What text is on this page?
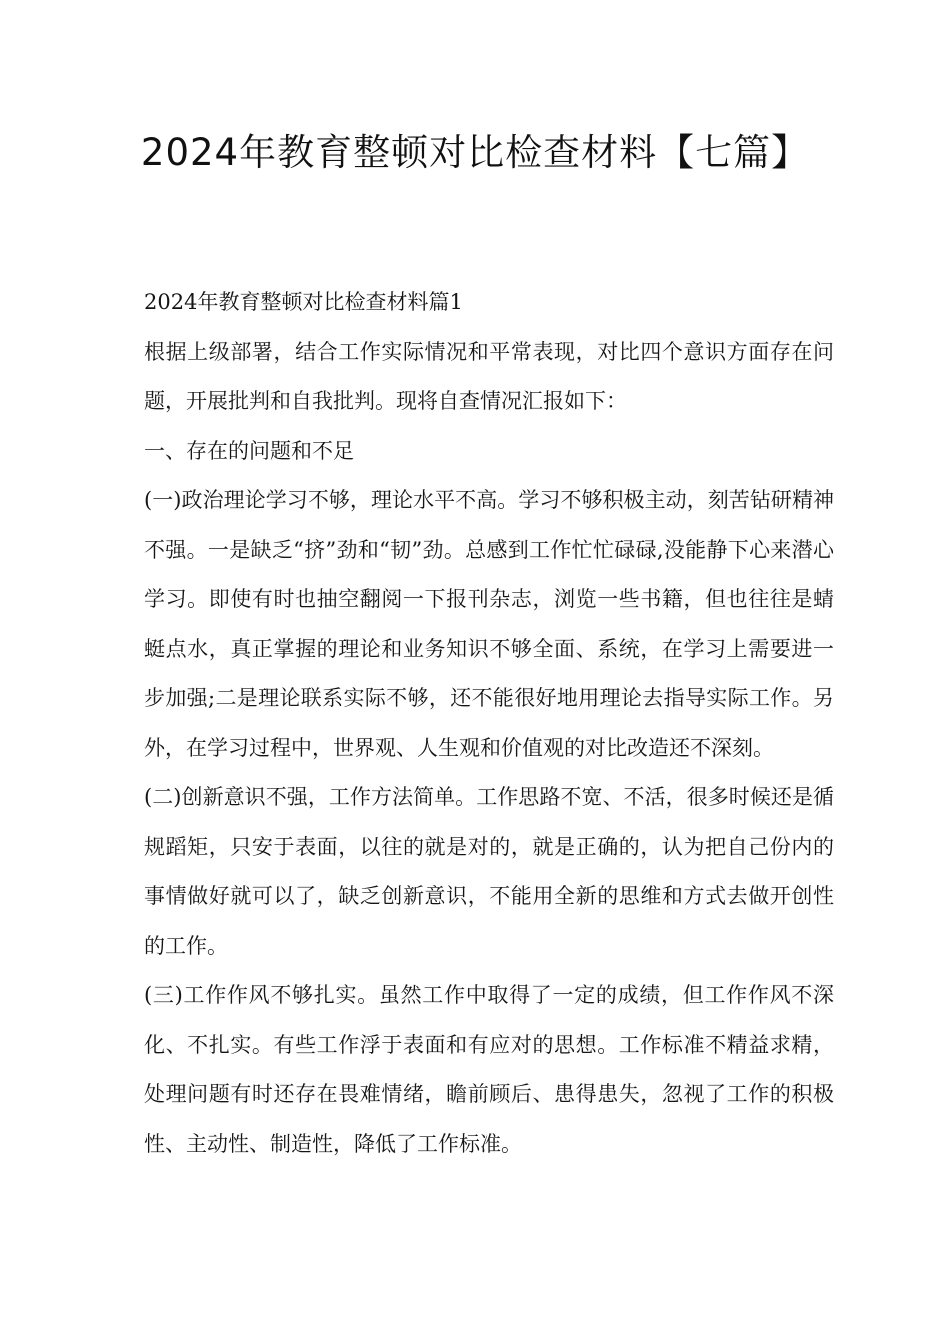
2024年教育整顿对比检查材料【七篇】

2024年教育整顿对比检查材料篇1

根据上级部署，结合工作实际情况和平常表现，对比四个意识方面存在问题，开展批判和自我批判。现将自查情况汇报如下：

一、存在的问题和不足

(一)政治理论学习不够，理论水平不高。学习不够积极主动，刻苦钻研精神不强。一是缺乏“挤”劲和“韧”劲。总感到工作忙忙碌碌,没能静下心来潜心学习。即使有时也抽空翻阅一下报刊杂志，浏览一些书籍，但也往往是蜻蜓点水，真正掌握的理论和业务知识不够全面、系统，在学习上需要进一步加强;二是理论联系实际不够，还不能很好地用理论去指导实际工作。另外，在学习过程中，世界观、人生观和价值观的对比改造还不深刻。

(二)创新意识不强，工作方法简单。工作思路不宽、不活，很多时候还是循规蹈矩，只安于表面，以往的就是对的，就是正确的，认为把自己份内的事情做好就可以了，缺乏创新意识，不能用全新的思维和方式去做开创性的工作。

(三)工作作风不够扎实。虽然工作中取得了一定的成绩，但工作作风不深化、不扎实。有些工作浮于表面和有应对的思想。工作标准不精益求精，处理问题有时还存在畏难情绪，瞻前顾后、患得患失，忽视了工作的积极性、主动性、制造性，降低了工作标准。
